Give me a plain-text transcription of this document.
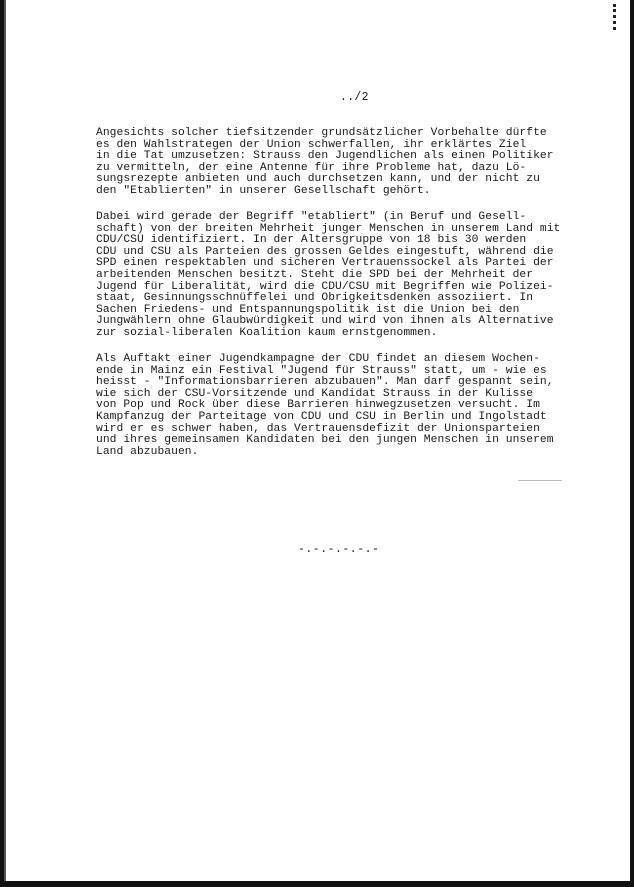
../2
Angesichts solcher tiefsitzender grundsätzlicher Vorbehalte dürfte
es den Wahlstrategen der Union schwerfallen, ihr erklärtes Ziel
in die Tat umzusetzen: Strauss den Jugendlichen als einen Politiker
zu vermitteln, der eine Antenne für ihre Probleme hat, dazu Lö-
sungsrezepte anbieten und auch durchsetzen kann, und der nicht zu
den "Etablierten" in unserer Gesellschaft gehört.
Dabei wird gerade der Begriff "etabliert" (in Beruf und Gesell-
schaft) von der breiten Mehrheit junger Menschen in unserem Land mit
CDU/CSU identifiziert. In der Altersgruppe von 18 bis 30 werden
CDU und CSU als Parteien des grossen Geldes eingestuft, während die
SPD einen respektablen und sicheren Vertrauenssockel als Partei der
arbeitenden Menschen besitzt. Steht die SPD bei der Mehrheit der
Jugend für Liberalität, wird die CDU/CSU mit Begriffen wie Polizei-
staat, Gesinnungsschnüffelei und Obrigkeitsdenken assoziiert. In
Sachen Friedens- und Entspannungspolitik ist die Union bei den
Jungwählern ohne Glaubwürdigkeit und wird von ihnen als Alternative
zur sozial-liberalen Koalition kaum ernstgenommen.
Als Auftakt einer Jugendkampagne der CDU findet an diesem Wochen-
ende in Mainz ein Festival "Jugend für Strauss" statt, um - wie es
heisst - "Informationsbarrieren abzubauen". Man darf gespannt sein,
wie sich der CSU-Vorsitzende und Kandidat Strauss in der Kulisse
von Pop und Rock über diese Barrieren hinwegzusetzen versucht. Im
Kampfanzug der Parteitage von CDU und CSU in Berlin und Ingolstadt
wird er es schwer haben, das Vertrauensdefizit der Unionsparteien
und ihres gemeinsamen Kandidaten bei den jungen Menschen in unserem
Land abzubauen.
-.-.-.-.-.-
